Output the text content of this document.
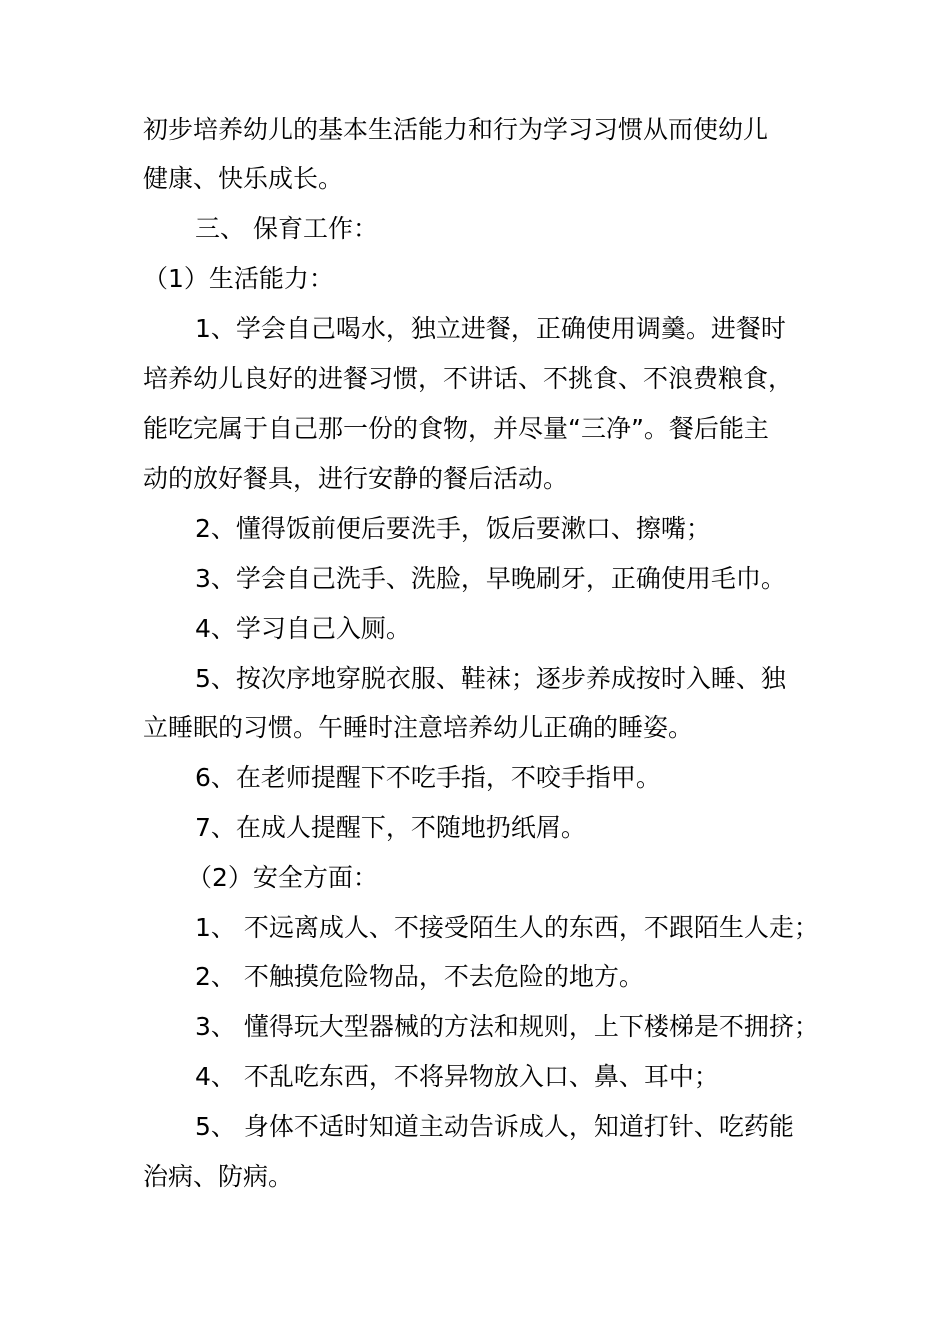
初步培养幼儿的基本生活能力和行为学习习惯从而使幼儿
健康、快乐成长。
三、 保育工作：
（1）生活能力：
1、学会自己喝水，独立进餐，正确使用调羹。进餐时
培养幼儿良好的进餐习惯，不讲话、不挑食、不浪费粮食，
能吃完属于自己那一份的食物，并尽量“三净”。餐后能主
动的放好餐具，进行安静的餐后活动。
2、懂得饭前便后要洗手，饭后要漱口、擦嘴；
3、学会自己洗手、洗脸，早晚刷牙，正确使用毛巾。
4、学习自己入厕。
5、按次序地穿脱衣服、鞋袜；逐步养成按时入睡、独
立睡眠的习惯。午睡时注意培养幼儿正确的睡姿。
6、在老师提醒下不吃手指，不咬手指甲。
7、在成人提醒下，不随地扔纸屑。
（2）安全方面：
1、 不远离成人、不接受陌生人的东西，不跟陌生人走；
2、 不触摸危险物品，不去危险的地方。
3、 懂得玩大型器械的方法和规则，上下楼梯是不拥挤；
4、 不乱吃东西，不将异物放入口、鼻、耳中；
5、 身体不适时知道主动告诉成人，知道打针、吃药能
治病、防病。
